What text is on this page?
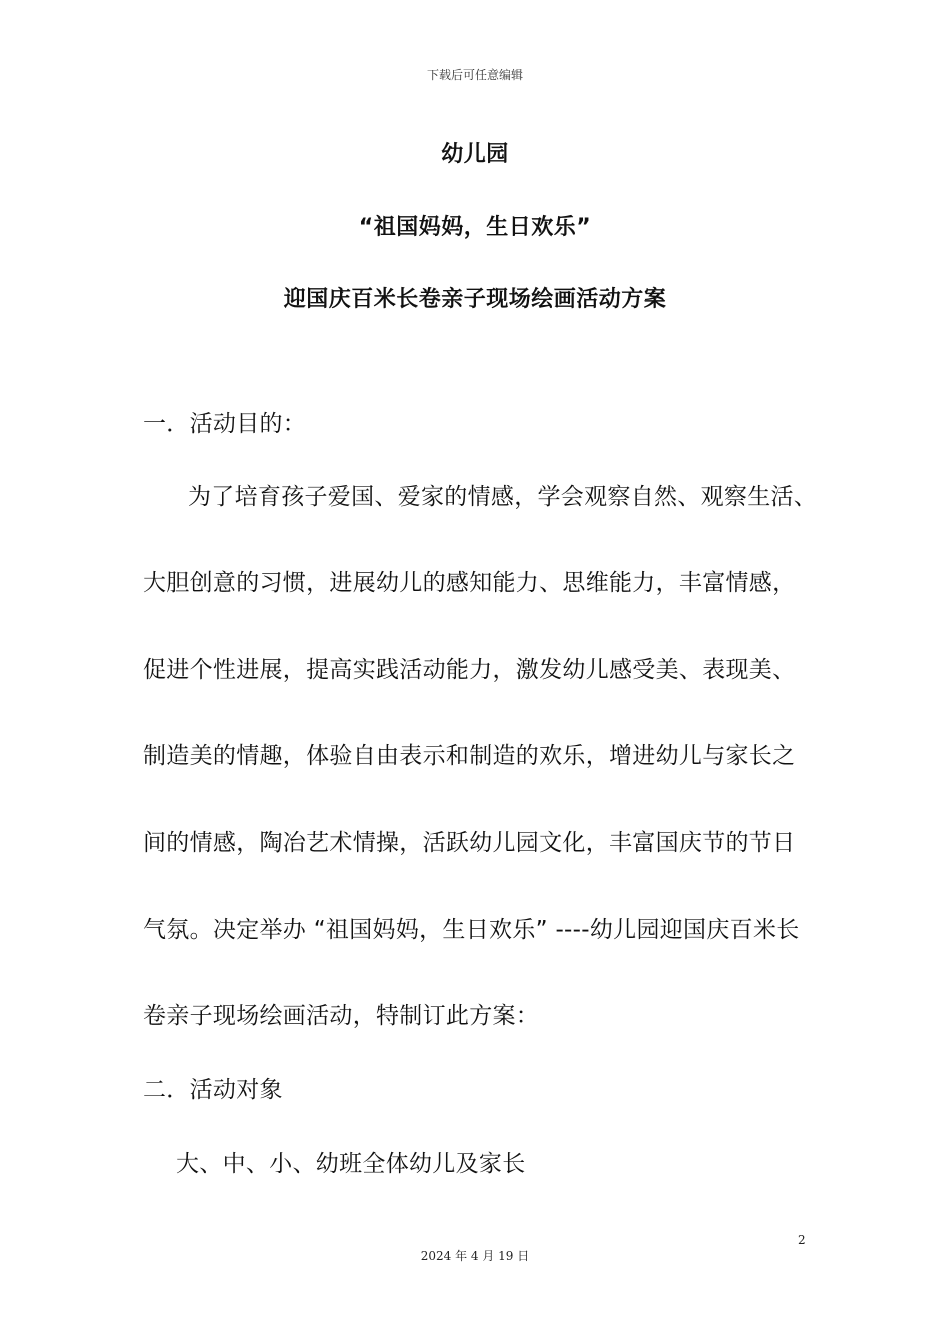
下载后可任意编辑
幼儿园
“祖国妈妈，生日欢乐”
迎国庆百米长卷亲子现场绘画活动方案
一．活动目的：
为了培育孩子爱国、爱家的情感，学会观察自然、观察生活、
大胆创意的习惯，进展幼儿的感知能力、思维能力，丰富情感，
促进个性进展，提高实践活动能力，激发幼儿感受美、表现美、
制造美的情趣，体验自由表示和制造的欢乐，增进幼儿与家长之
间的情感，陶冶艺术情操，活跃幼儿园文化，丰富国庆节的节日
气氛。决定举办 “祖国妈妈，生日欢乐” ----幼儿园迎国庆百米长
卷亲子现场绘画活动，特制订此方案：
二．活动对象
大、中、小、幼班全体幼儿及家长
2
2024 年 4 月 19 日
